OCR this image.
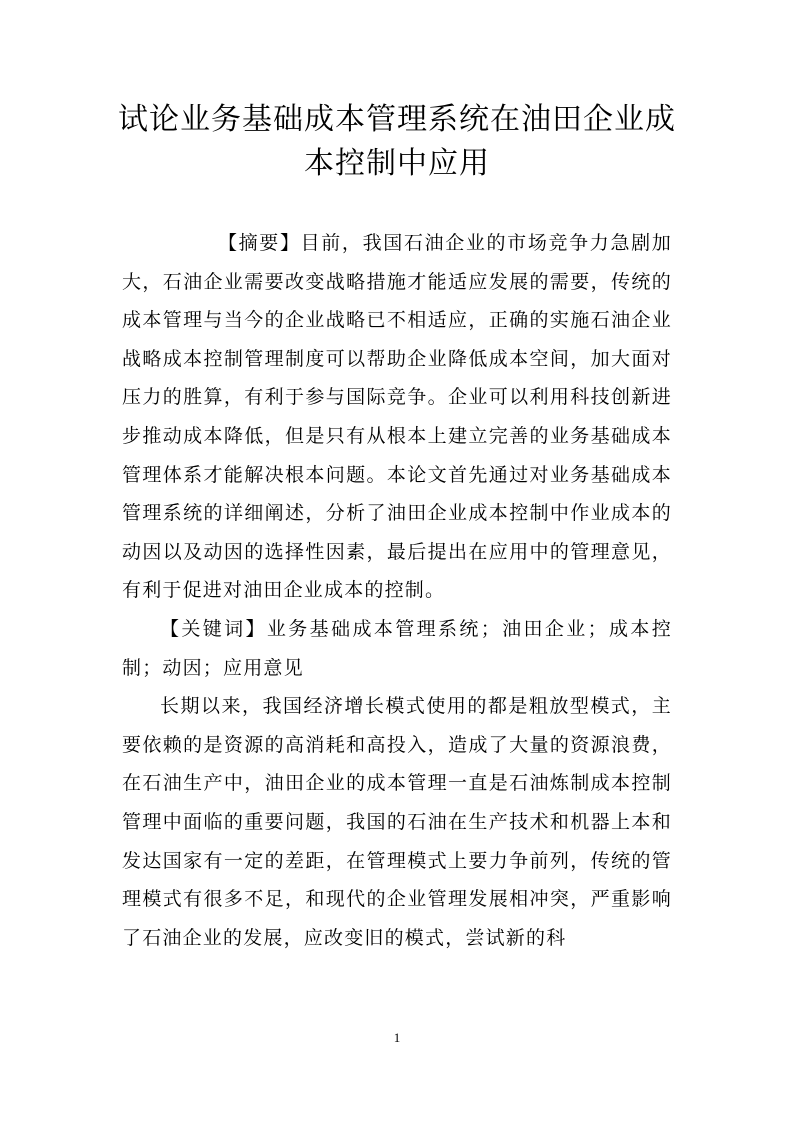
试论业务基础成本管理系统在油田企业成
本控制中应用

【摘要】目前，我国石油企业的市场竞争力急剧加大，石油企业需要改变战略措施才能适应发展的需要，传统的成本管理与当今的企业战略已不相适应，正确的实施石油企业战略成本控制管理制度可以帮助企业降低成本空间，加大面对压力的胜算，有利于参与国际竞争。企业可以利用科技创新进步推动成本降低，但是只有从根本上建立完善的业务基础成本管理体系才能解决根本问题。本论文首先通过对业务基础成本管理系统的详细阐述，分析了油田企业成本控制中作业成本的动因以及动因的选择性因素，最后提出在应用中的管理意见，有利于促进对油田企业成本的控制。

【关键词】业务基础成本管理系统；油田企业；成本控制；动因；应用意见

长期以来，我国经济增长模式使用的都是粗放型模式，主要依赖的是资源的高消耗和高投入，造成了大量的资源浪费，在石油生产中，油田企业的成本管理一直是石油炼制成本控制管理中面临的重要问题，我国的石油在生产技术和机器上本和发达国家有一定的差距，在管理模式上要力争前列，传统的管理模式有很多不足，和现代的企业管理发展相冲突，严重影响了石油企业的发展，应改变旧的模式，尝试新的科

1
